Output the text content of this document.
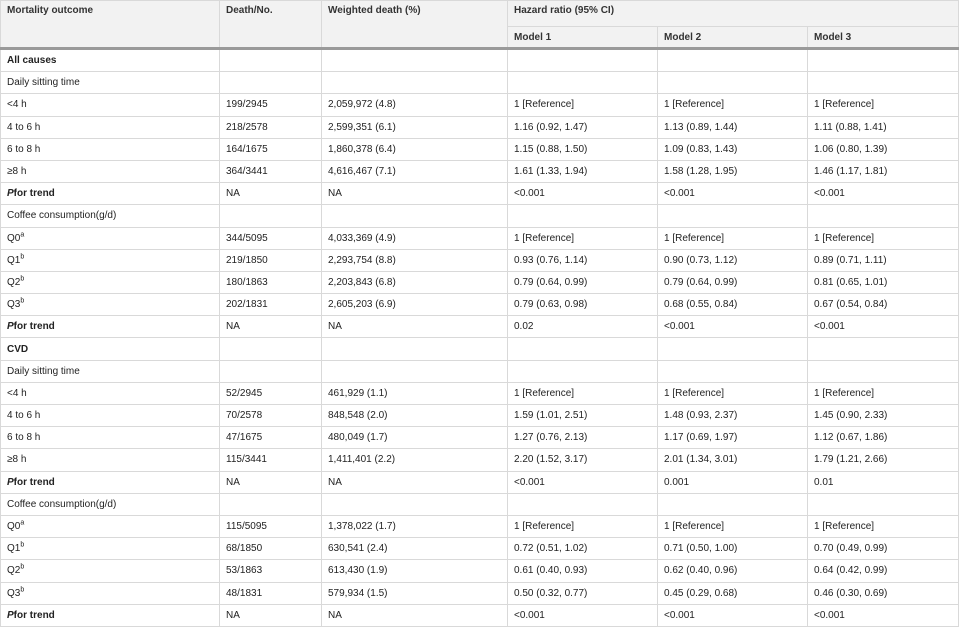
Mortality outcome	Death/No.	Weighted death (%)	Hazard ratio (95% CI)		
			Model 1	Model 2	Model 3
All causes					
Daily sitting time					
<4 h	199/2945	2,059,972 (4.8)	1 [Reference]	1 [Reference]	1 [Reference]
4 to 6 h	218/2578	2,599,351 (6.1)	1.16 (0.92, 1.47)	1.13 (0.89, 1.44)	1.11 (0.88, 1.41)
6 to 8 h	164/1675	1,860,378 (6.4)	1.15 (0.88, 1.50)	1.09 (0.83, 1.43)	1.06 (0.80, 1.39)
≥8 h	364/3441	4,616,467 (7.1)	1.61 (1.33, 1.94)	1.58 (1.28, 1.95)	1.46 (1.17, 1.81)
Pfor trend	NA	NA	<0.001	<0.001	<0.001
Coffee consumption(g/d)					
Q0$^a$	344/5095	4,033,369 (4.9)	1 [Reference]	1 [Reference]	1 [Reference]
Q1$^b$	219/1850	2,293,754 (8.8)	0.93 (0.76, 1.14)	0.90 (0.73, 1.12)	0.89 (0.71, 1.11)
Q2$^b$	180/1863	2,203,843 (6.8)	0.79 (0.64, 0.99)	0.79 (0.64, 0.99)	0.81 (0.65, 1.01)
Q3$^b$	202/1831	2,605,203 (6.9)	0.79 (0.63, 0.98)	0.68 (0.55, 0.84)	0.67 (0.54, 0.84)
Pfor trend	NA	NA	0.02	<0.001	<0.001
CVD					
Daily sitting time					
<4 h	52/2945	461,929 (1.1)	1 [Reference]	1 [Reference]	1 [Reference]
4 to 6 h	70/2578	848,548 (2.0)	1.59 (1.01, 2.51)	1.48 (0.93, 2.37)	1.45 (0.90, 2.33)
6 to 8 h	47/1675	480,049 (1.7)	1.27 (0.76, 2.13)	1.17 (0.69, 1.97)	1.12 (0.67, 1.86)
≥8 h	115/3441	1,411,401 (2.2)	2.20 (1.52, 3.17)	2.01 (1.34, 3.01)	1.79 (1.21, 2.66)
Pfor trend	NA	NA	<0.001	0.001	0.01
Coffee consumption(g/d)					
Q0$^a$	115/5095	1,378,022 (1.7)	1 [Reference]	1 [Reference]	1 [Reference]
Q1$^b$	68/1850	630,541 (2.4)	0.72 (0.51, 1.02)	0.71 (0.50, 1.00)	0.70 (0.49, 0.99)
Q2$^b$	53/1863	613,430 (1.9)	0.61 (0.40, 0.93)	0.62 (0.40, 0.96)	0.64 (0.42, 0.99)
Q3$^b$	48/1831	579,934 (1.5)	0.50 (0.32, 0.77)	0.45 (0.29, 0.68)	0.46 (0.30, 0.69)
Pfor trend	NA	NA	<0.001	<0.001	<0.001
